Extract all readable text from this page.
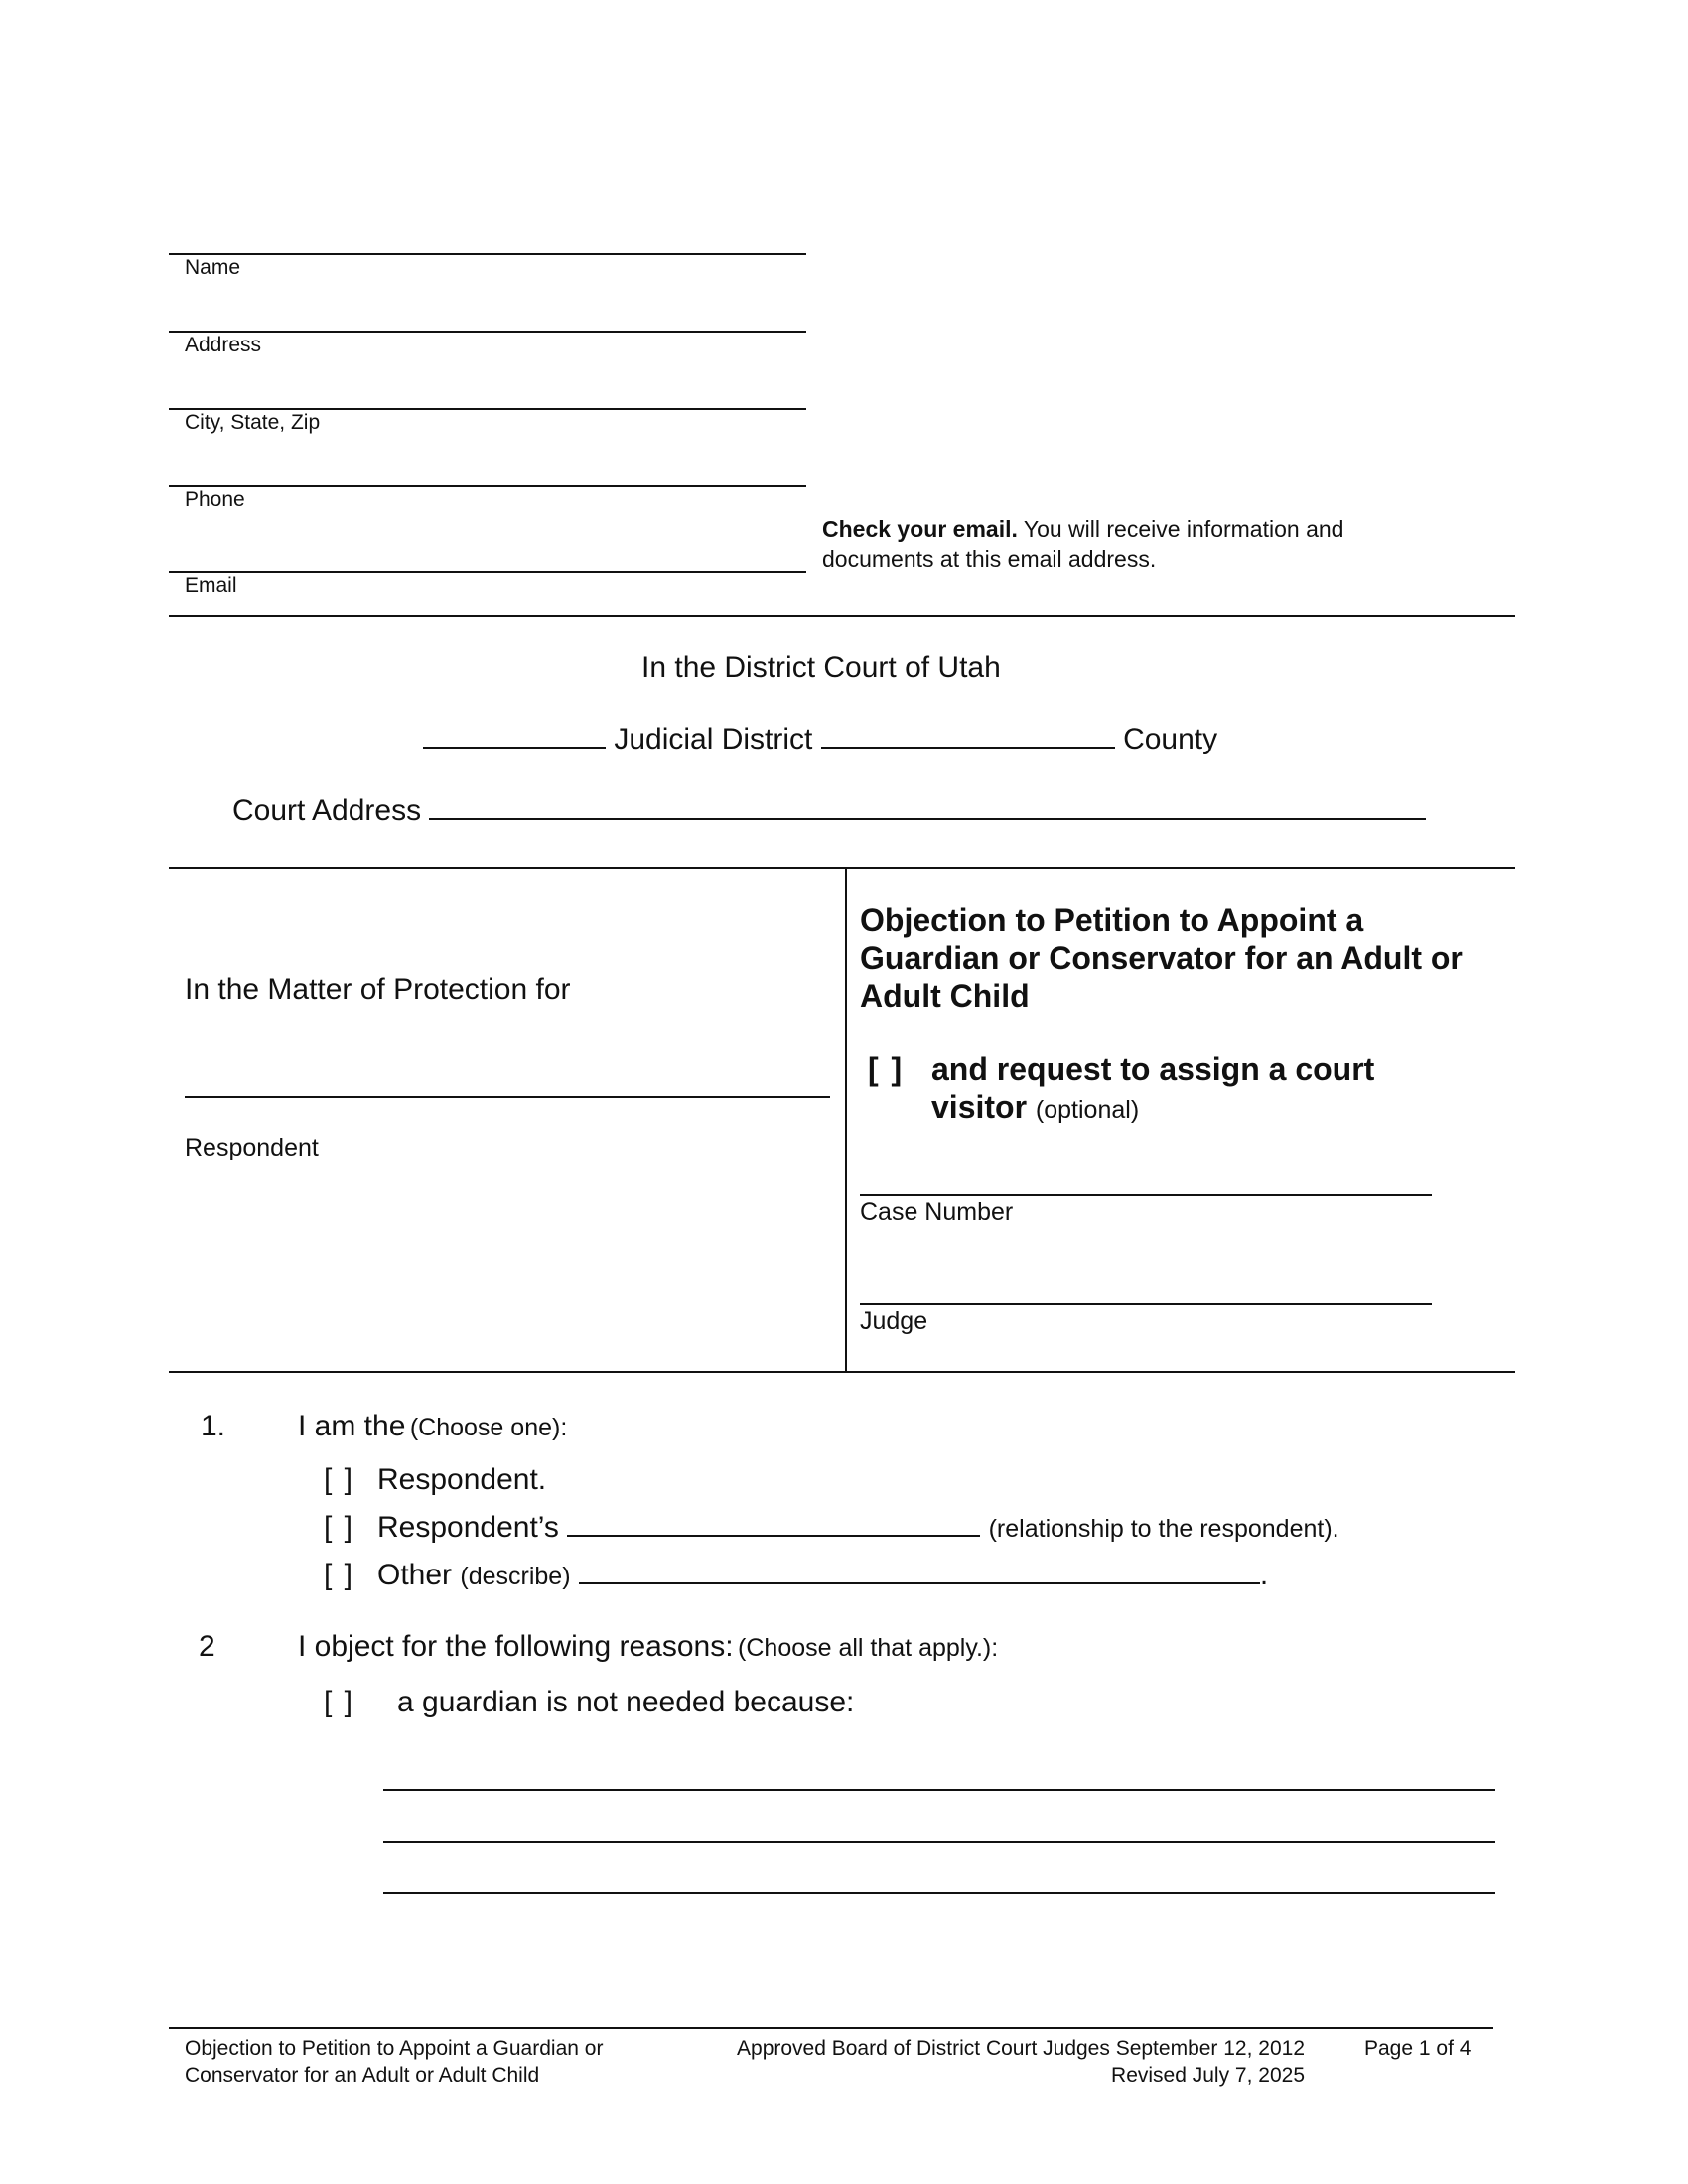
Name
Address
City, State, Zip
Phone
Email
Check your email. You will receive information and
documents at this email address.
In the District Court of Utah
Judicial District	County
Court Address
In the Matter of Protection for
Respondent
Objection to Petition to Appoint a
Guardian or Conservator for an Adult or
Adult Child
[ ] and request to assign a court
visitor (optional)
Case Number
Judge
1. I am the (Choose one):
[ ] Respondent.
[ ] Respondent’s	(relationship to the respondent).
[ ] Other (describe)	.
2	I object for the following reasons: (Choose all that apply.):
[ ] a guardian is not needed because:
Objection to Petition to Appoint a Guardian or
Conservator for an Adult or Adult Child
Approved Board of District Court Judges September 12, 2012
Revised July 7, 2025
Page 1 of 4
